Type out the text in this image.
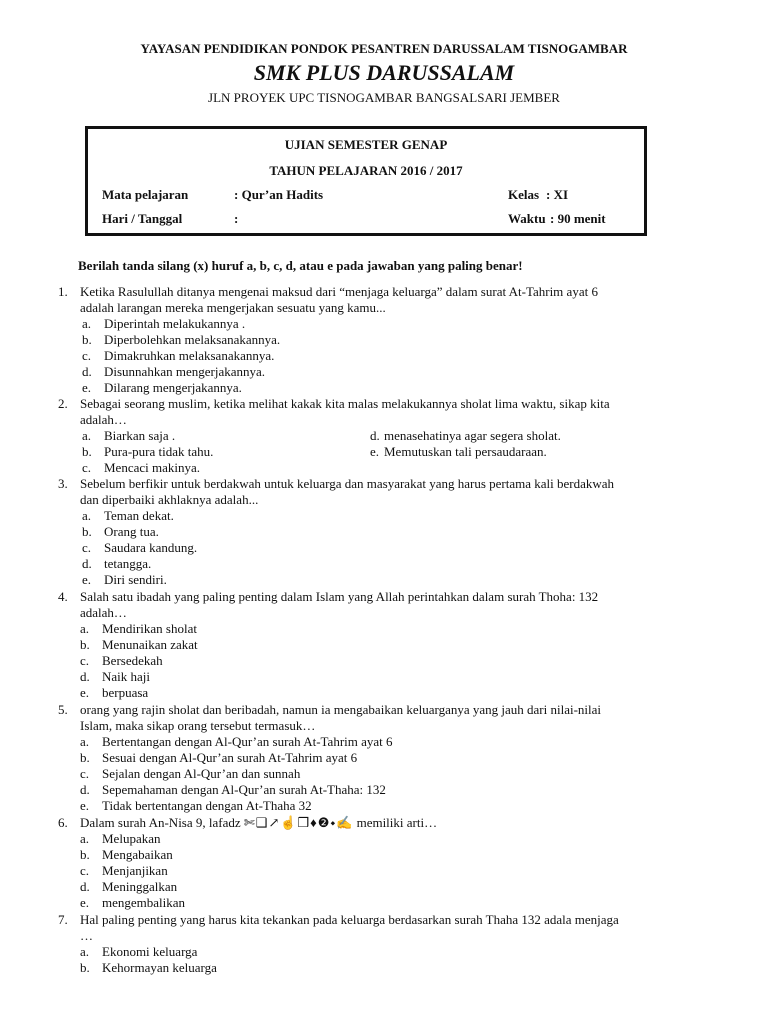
YAYASAN PENDIDIKAN PONDOK PESANTREN DARUSSALAM TISNOGAMBAR
SMK PLUS DARUSSALAM
JLN PROYEK UPC TISNOGAMBAR BANGSALSARI JEMBER
UJIAN SEMESTER GENAP
TAHUN PELAJARAN 2016 / 2017
Mata pelajaran	: Qur’an Hadits	Kelas : XI
Hari / Tanggal	:	Waktu : 90 menit
Berilah tanda silang (x) huruf a, b, c, d, atau e pada jawaban yang paling benar!
1. Ketika Rasulullah ditanya mengenai maksud dari “menjaga keluarga” dalam surat At-Tahrim ayat 6
adalah larangan mereka mengerjakan sesuatu yang kamu...
a. Diperintah melakukannya .
b. Diperbolehkan melaksanakannya.
c. Dimakruhkan melaksanakannya.
d. Disunnahkan mengerjakannya.
e. Dilarang mengerjakannya.
2. Sebagai seorang muslim, ketika melihat kakak kita malas melakukannya sholat lima waktu, sikap kita
adalah…
a. Biarkan saja .
b. Pura-pura tidak tahu.
c. Mencaci makinya.
d. menasehatinya agar segera sholat.
e. Memutuskan tali persaudaraan.
3. Sebelum berfikir untuk berdakwah untuk keluarga dan masyarakat yang harus pertama kali berdakwah
dan diperbaiki akhlaknya adalah...
a. Teman dekat.
b. Orang tua.
c. Saudara kandung.
d. tetangga.
e. Diri sendiri.
4. Salah satu ibadah yang paling penting dalam Islam yang Allah perintahkan dalam surah Thoha: 132
adalah…
a. Mendirikan sholat
b. Menunaikan zakat
c. Bersedekah
d. Naik haji
e. berpuasa
5. orang yang rajin sholat dan beribadah, namun ia mengabaikan keluarganya yang jauh dari nilai-nilai
Islam, maka sikap orang tersebut termasuk…
a. Bertentangan dengan Al-Qur’an surah At-Tahrim ayat 6
b. Sesuai dengan Al-Qur’an surah At-Tahrim ayat 6
c. Sejalan dengan Al-Qur’an dan sunnah
d. Sepemahaman dengan Al-Qur’an surah At-Thaha: 132
e. Tidak bertentangan dengan At-Thaha 32
6. Dalam surah An-Nisa 9, lafadz ✄❑↗︎☝❒♦❷⬩✍ memiliki arti…
a. Melupakan
b. Mengabaikan
c. Menjanjikan
d. Meninggalkan
e. mengembalikan
7. Hal paling penting yang harus kita tekankan pada keluarga berdasarkan surah Thaha 132 adala menjaga
…
a. Ekonomi keluarga
b. Kehormayan keluarga
